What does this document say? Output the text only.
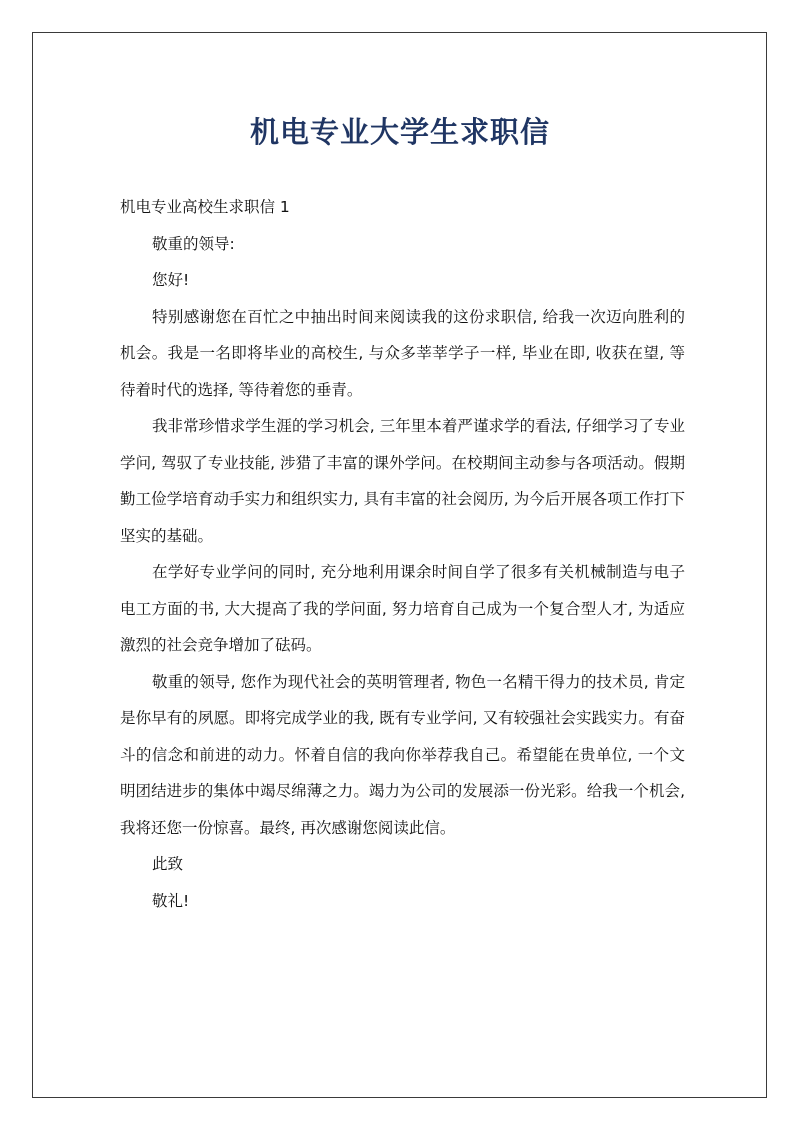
机电专业大学生求职信

机电专业高校生求职信 1

敬重的领导:

您好!

特别感谢您在百忙之中抽出时间来阅读我的这份求职信, 给我一次迈向胜利的机会。我是一名即将毕业的高校生, 与众多莘莘学子一样, 毕业在即, 收获在望, 等待着时代的选择, 等待着您的垂青。

我非常珍惜求学生涯的学习机会, 三年里本着严谨求学的看法, 仔细学习了专业学问, 驾驭了专业技能, 涉猎了丰富的课外学问。在校期间主动参与各项活动。假期勤工俭学培育动手实力和组织实力, 具有丰富的社会阅历, 为今后开展各项工作打下坚实的基础。

在学好专业学问的同时, 充分地利用课余时间自学了很多有关机械制造与电子电工方面的书, 大大提高了我的学问面, 努力培育自己成为一个复合型人才, 为适应激烈的社会竞争增加了砝码。

敬重的领导, 您作为现代社会的英明管理者, 物色一名精干得力的技术员, 肯定是你早有的夙愿。即将完成学业的我, 既有专业学问, 又有较强社会实践实力。有奋斗的信念和前进的动力。怀着自信的我向你举荐我自己。希望能在贵单位, 一个文明团结进步的集体中竭尽绵薄之力。竭力为公司的发展添一份光彩。给我一个机会, 我将还您一份惊喜。最终, 再次感谢您阅读此信。

此致

敬礼!
